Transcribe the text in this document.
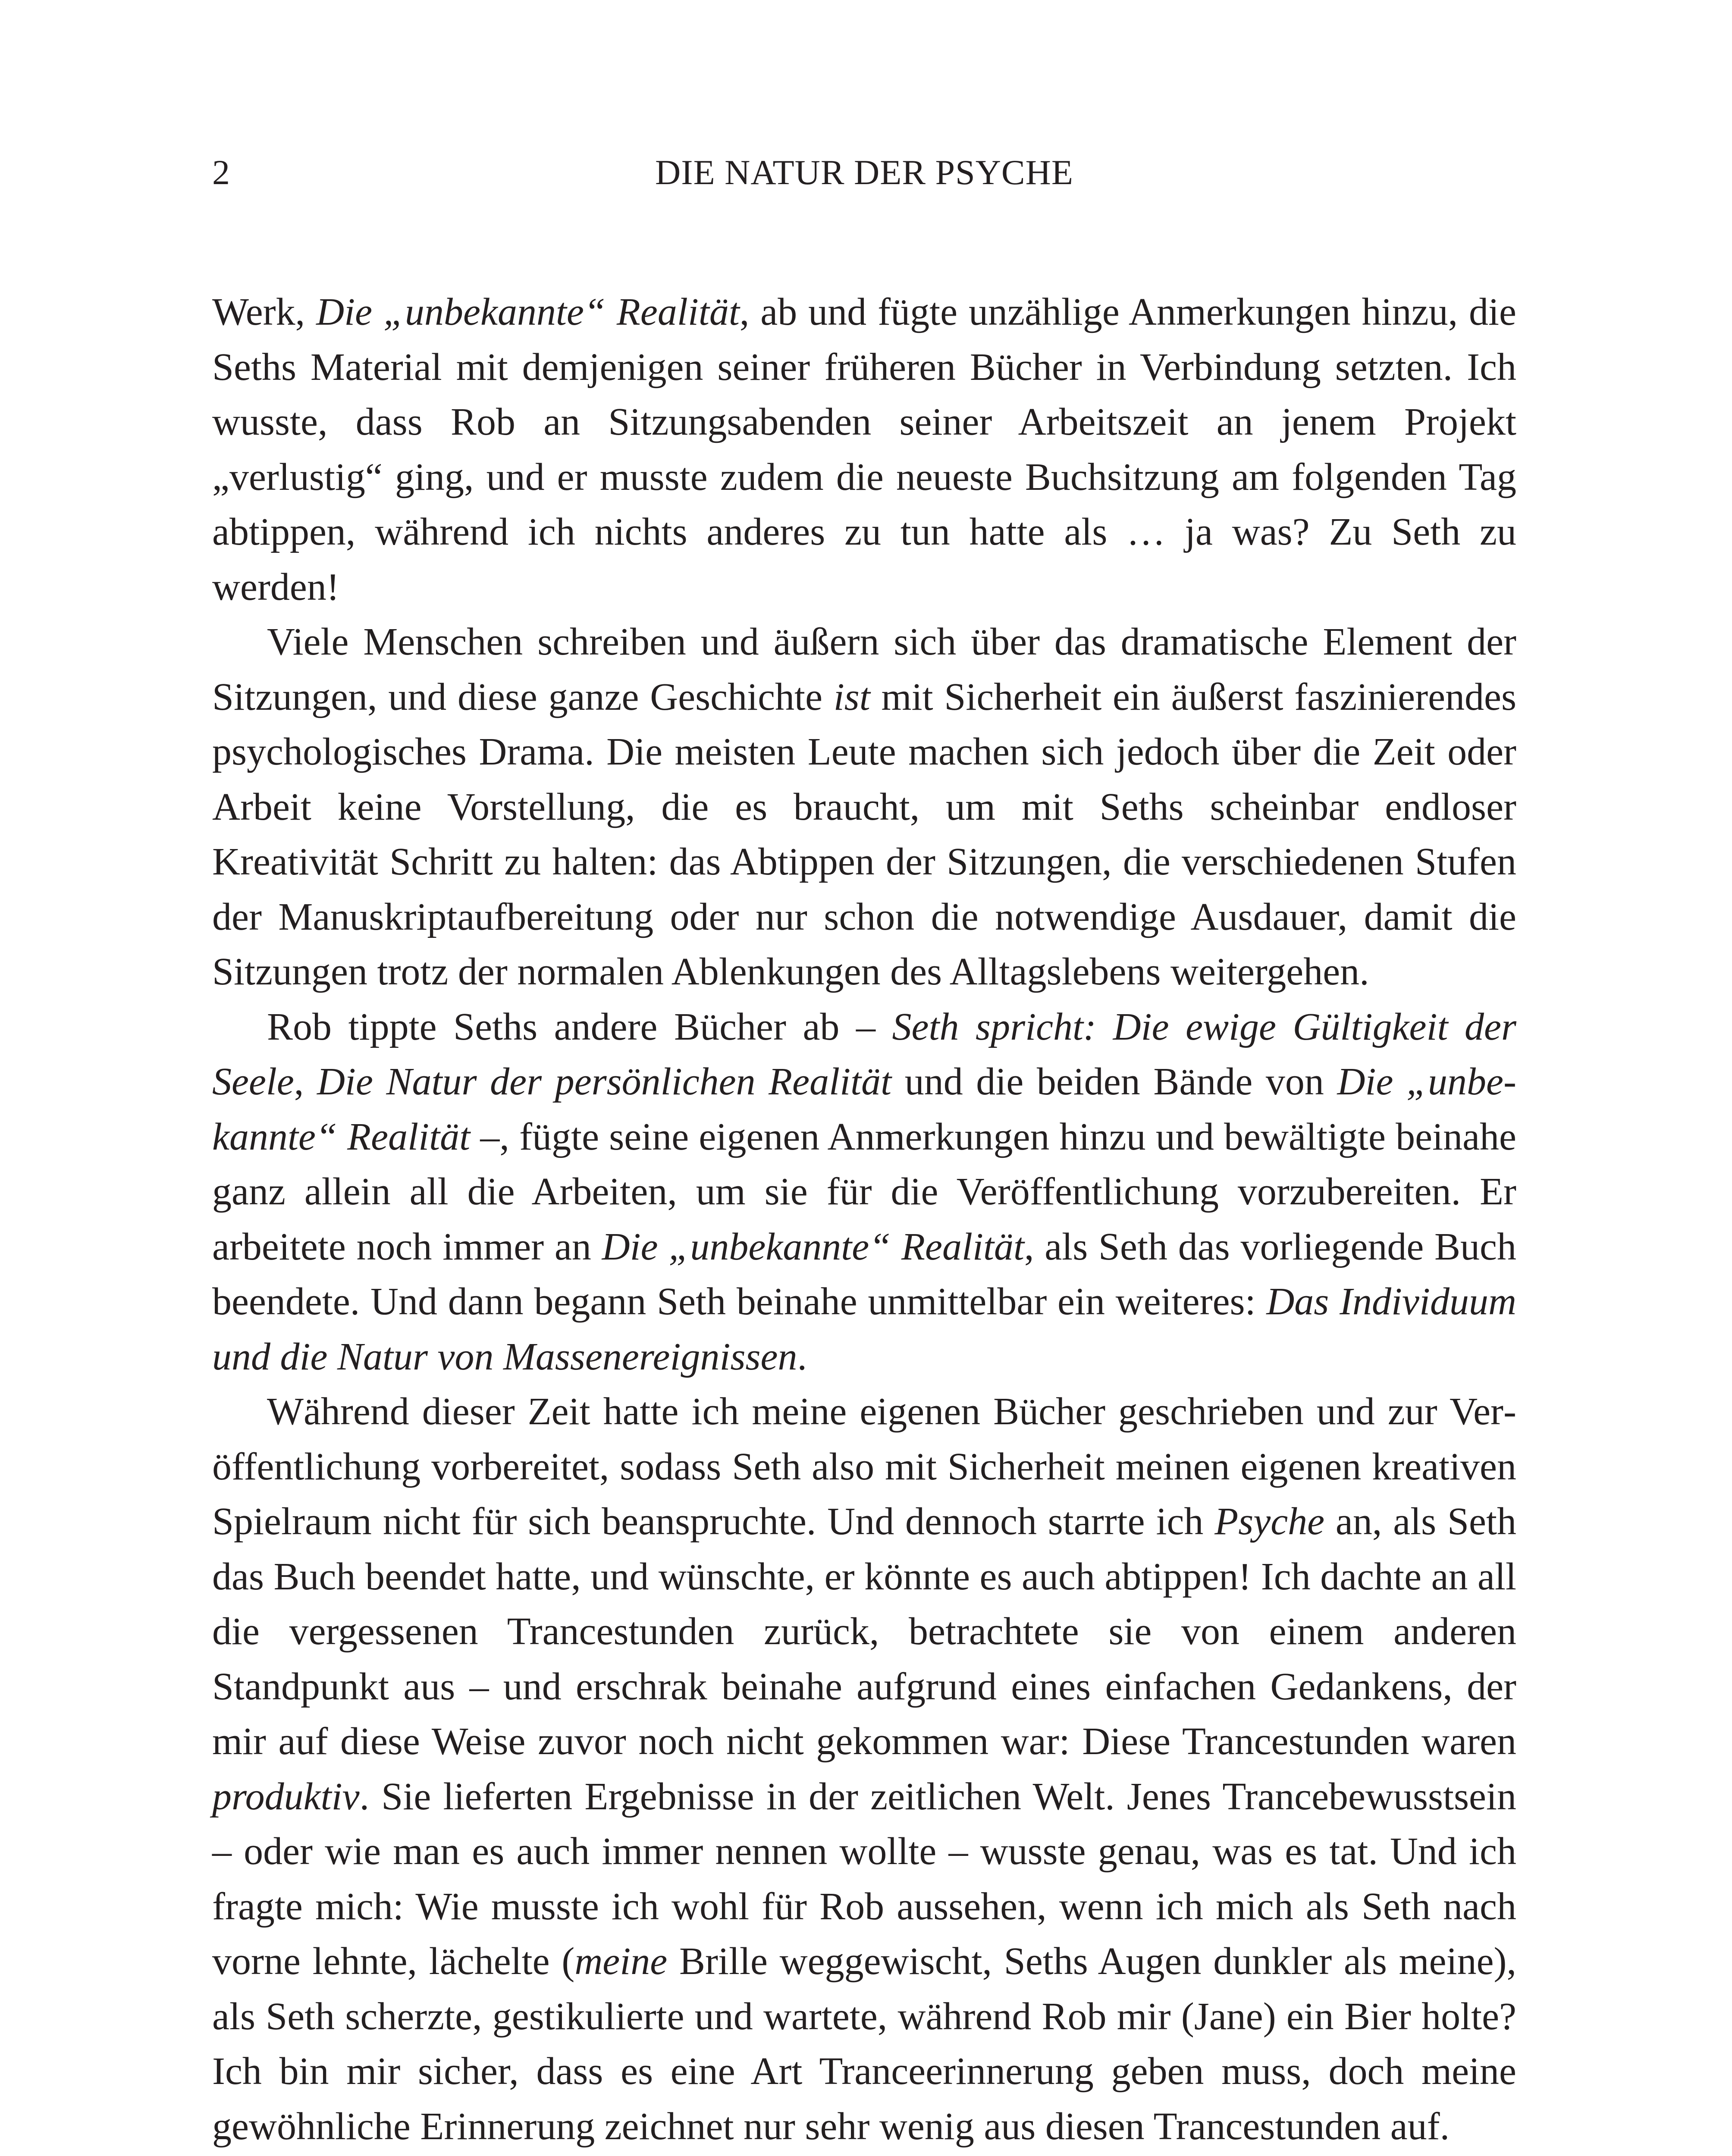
2	DIE NATUR DER PSYCHE

Werk, Die „unbekannte“ Realität, ab und fügte unzählige Anmerkungen hinzu, die Seths Material mit demjenigen seiner früheren Bücher in Verbindung setzten. Ich wusste, dass Rob an Sitzungsabenden seiner Arbeitszeit an jenem Projekt „verlustig“ ging, und er musste zudem die neueste Buchsitzung am folgenden Tag abtippen, während ich nichts anderes zu tun hatte als … ja was? Zu Seth zu werden!

Viele Menschen schreiben und äußern sich über das dramatische Element der Sitzungen, und diese ganze Geschichte ist mit Sicherheit ein äußerst faszinierendes psychologisches Drama. Die meisten Leute machen sich jedoch über die Zeit oder Arbeit keine Vorstellung, die es braucht, um mit Seths scheinbar endloser Kreativität Schritt zu halten: das Abtippen der Sitzungen, die verschiedenen Stufen der Manuskriptaufbereitung oder nur schon die notwendige Ausdauer, damit die Sitzungen trotz der normalen Ablenkungen des Alltagslebens weitergehen.

Rob tippte Seths andere Bücher ab – Seth spricht: Die ewige Gültigkeit der Seele, Die Natur der persönlichen Realität und die beiden Bände von Die „unbekannte“ Realität –, fügte seine eigenen Anmerkungen hinzu und bewältigte beinahe ganz allein all die Arbeiten, um sie für die Veröffentlichung vorzubereiten. Er arbeitete noch immer an Die „unbekannte“ Realität, als Seth das vorliegende Buch beendete. Und dann begann Seth beinahe unmittelbar ein weiteres: Das Individuum und die Natur von Massenereignissen.

Während dieser Zeit hatte ich meine eigenen Bücher geschrieben und zur Veröffentlichung vorbereitet, sodass Seth also mit Sicherheit meinen eigenen kreativen Spielraum nicht für sich beanspruchte. Und dennoch starrte ich Psyche an, als Seth das Buch beendet hatte, und wünschte, er könnte es auch abtippen! Ich dachte an all die vergessenen Trancestunden zurück, betrachtete sie von einem anderen Standpunkt aus – und erschrak beinahe aufgrund eines einfachen Gedankens, der mir auf diese Weise zuvor noch nicht gekommen war: Diese Trancestunden waren produktiv. Sie lieferten Ergebnisse in der zeitlichen Welt. Jenes Trancebewusstsein – oder wie man es auch immer nennen wollte – wusste genau, was es tat. Und ich fragte mich: Wie musste ich wohl für Rob aussehen, wenn ich mich als Seth nach vorne lehnte, lächelte (meine Brille weggewischt, Seths Augen dunkler als meine), als Seth scherzte, gestikulierte und wartete, während Rob mir (Jane) ein Bier holte? Ich bin mir sicher, dass es eine Art Tranceerinnerung geben muss, doch meine gewöhnliche Erinnerung zeichnet nur sehr wenig aus diesen Trancestunden auf.
